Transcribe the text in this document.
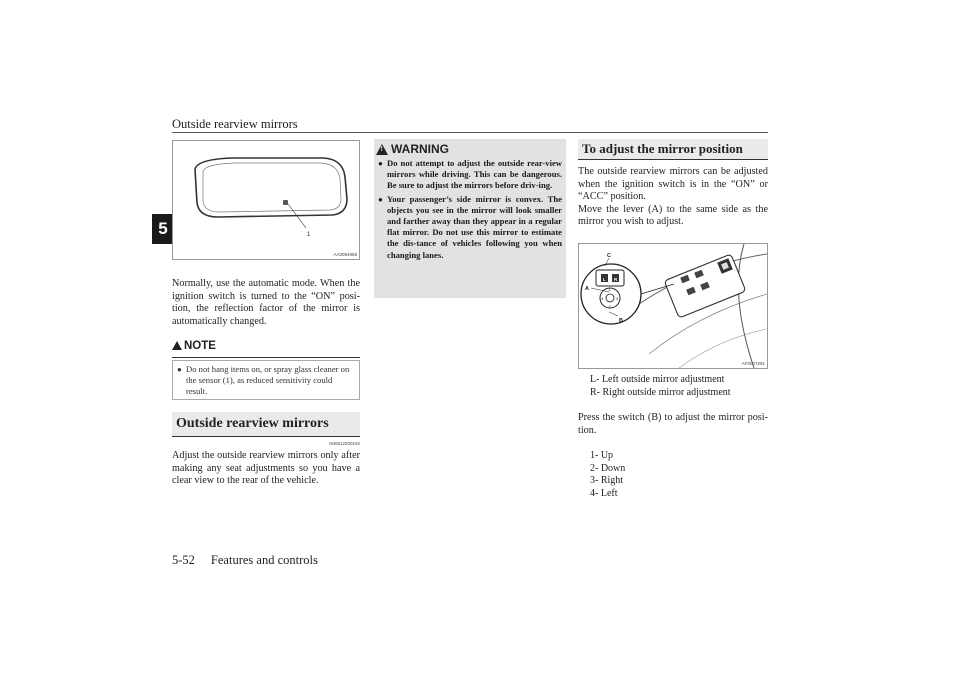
Outside rearview mirrors
5	1
AA0094858
Normally, use the automatic mode. When the ignition switch is turned to the “ON” posi-tion, the reflection factor of the mirror is automatically changed.
NOTE
● Do not hang items on, or spray glass cleaner on the sensor (1), as reduced sensitivity could result.
Outside rearview mirrors
N00512200192
Adjust the outside rearview mirrors only after making any seat adjustments so you have a clear view to the rear of the vehicle.
!
WARNING
● Do not attempt to adjust the outside rear-view mirrors while driving. This can be dangerous. Be sure to adjust the mirrors before driv-ing.
● Your passenger’s side mirror is convex. The objects you see in the mirror will look smaller and farther away than they appear in a regular flat mirror. Do not use this mirror to estimate the dis-tance of vehicles following you when changing lanes.
To adjust the mirror position
The outside rearview mirrors can be adjusted when the ignition switch is in the “ON” or “ACC” position.
Move the lever (A) to the same side as the mirror you wish to adjust.
C
A
B
L R
1
2
3
4
AF0007291
L- Left outside mirror adjustment
R- Right outside mirror adjustment
Press the switch (B) to adjust the mirror posi-tion.
1- Up
2- Down
3- Right
4- Left
5-52 Features and controls
